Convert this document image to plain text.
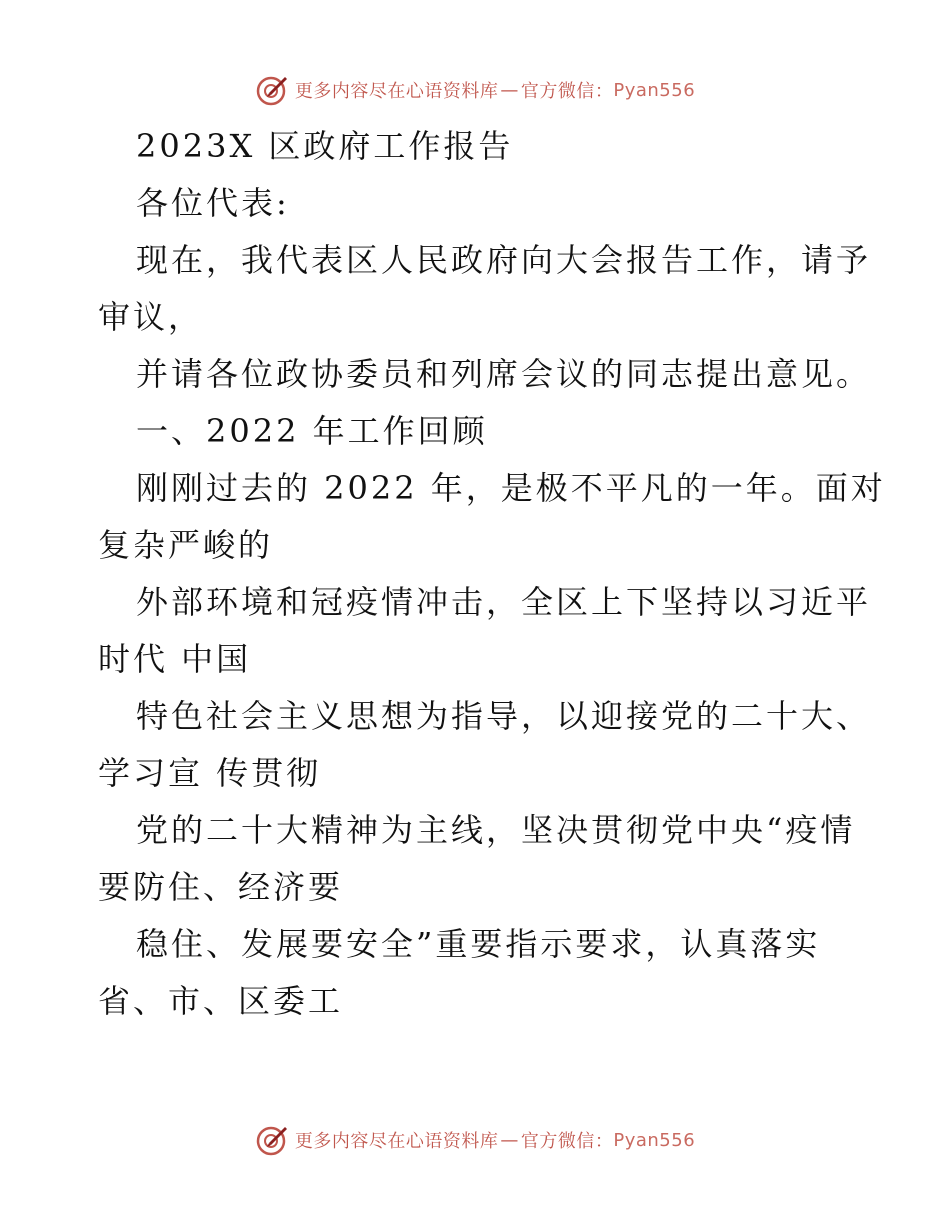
更多内容尽在心语资料库 — 官方微信： Pyan556
2023X 区政府工作报告
各位代表:
现在，我代表区人民政府向大会报告工作，请予
审议，
并请各位政协委员和列席会议的同志提出意见。
一、2022 年工作回顾
刚刚过去的 2022 年，是极不平凡的一年。面对
复杂严峻的
外部环境和冠疫情冲击，全区上下坚持以习近平
时代 中国
特色社会主义思想为指导，以迎接党的二十大、
学习宣 传贯彻
党的二十大精神为主线，坚决贯彻党中央“疫情
要防住、经济要
稳住、发展要安全”重要指示要求，认真落实
省、市、区委工
更多内容尽在心语资料库 — 官方微信： Pyan556
